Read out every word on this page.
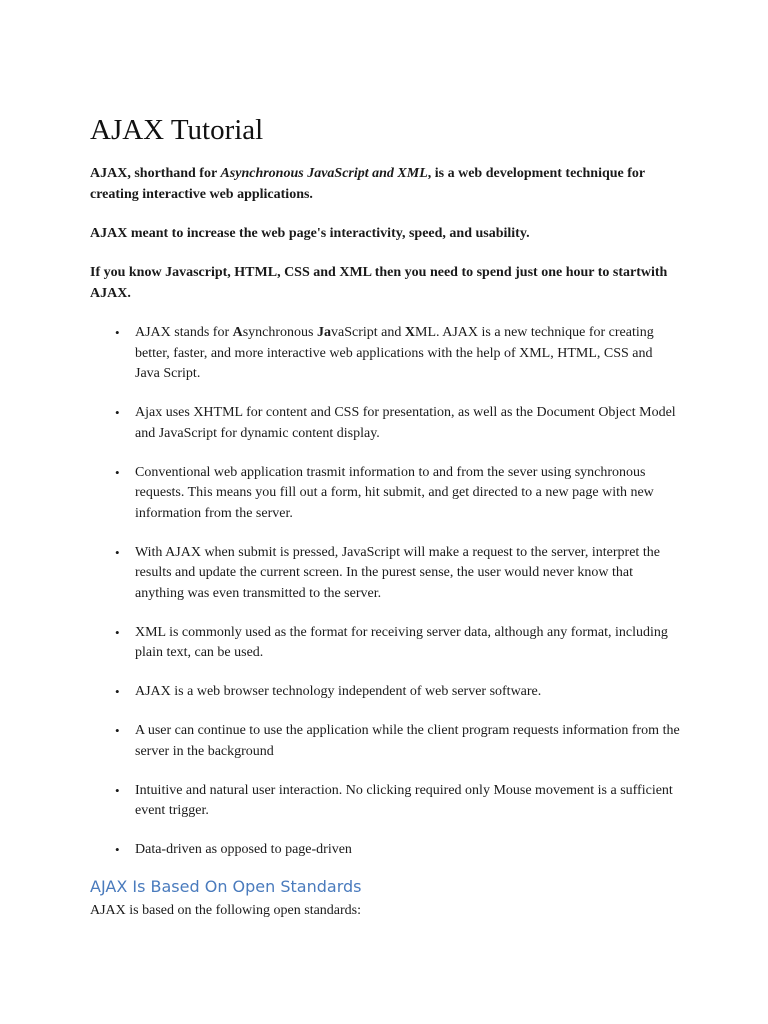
AJAX Tutorial

AJAX, shorthand for Asynchronous JavaScript and XML, is a web development technique for creating interactive web applications.

AJAX meant to increase the web page's interactivity, speed, and usability.

If you know Javascript, HTML, CSS and XML then you need to spend just one hour to startwith AJAX.

• AJAX stands for Asynchronous JavaScript and XML. AJAX is a new technique for creating better, faster, and more interactive web applications with the help of XML, HTML, CSS and Java Script.
• Ajax uses XHTML for content and CSS for presentation, as well as the Document Object Model and JavaScript for dynamic content display.
• Conventional web application trasmit information to and from the sever using synchronous requests. This means you fill out a form, hit submit, and get directed to a new page with new information from the server.
• With AJAX when submit is pressed, JavaScript will make a request to the server, interpret the results and update the current screen. In the purest sense, the user would never know that anything was even transmitted to the server.
• XML is commonly used as the format for receiving server data, although any format, including plain text, can be used.
• AJAX is a web browser technology independent of web server software.
• A user can continue to use the application while the client program requests information from the server in the background
• Intuitive and natural user interaction. No clicking required only Mouse movement is a sufficient event trigger.
• Data-driven as opposed to page-driven
AJAX Is Based On Open Standards

AJAX is based on the following open standards:
